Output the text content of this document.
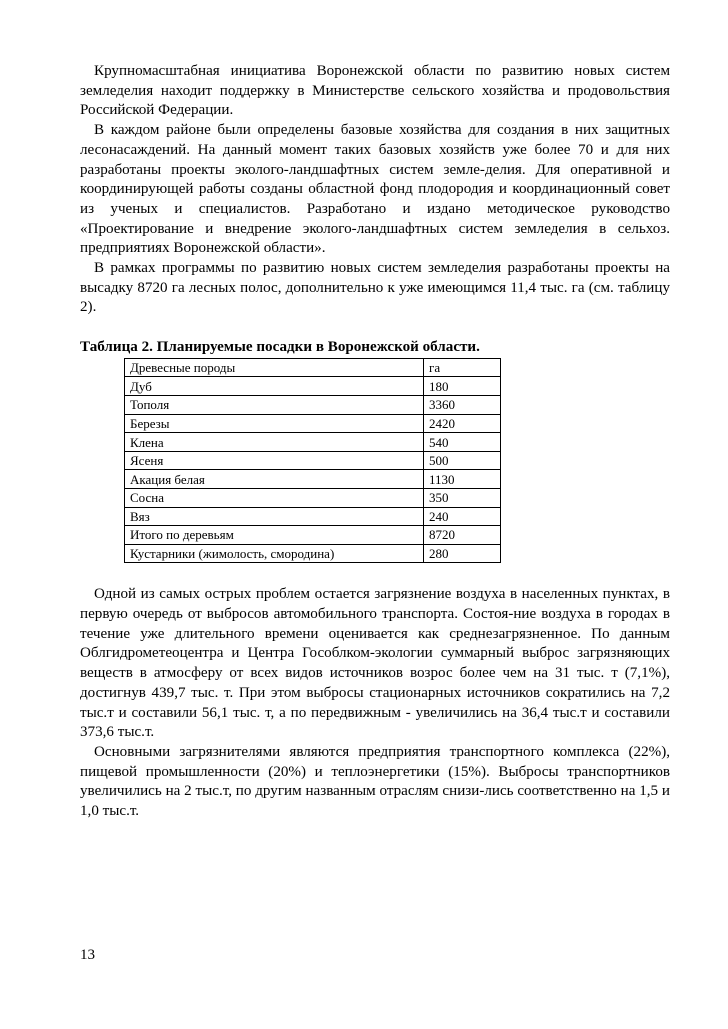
Крупномасштабная инициатива Воронежской области по развитию новых систем земледелия находит поддержку в Министерстве сельского хозяйства и продовольствия Российской Федерации.

В каждом районе были определены базовые хозяйства для создания в них защитных лесонасаждений. На данный момент таких базовых хозяйств уже более 70 и для них разработаны проекты эколого-ландшафтных систем земле-делия. Для оперативной и координирующей работы созданы областной фонд плодородия и координационный совет из ученых и специалистов. Разработано и издано методическое руководство «Проектирование и внедрение эколого-ландшафтных систем земледелия в сельхоз. предприятиях Воронежской области».

В рамках программы по развитию новых систем земледелия разработаны проекты на высадку 8720 га лесных полос, дополнительно к уже имеющимся 11,4 тыс. га (см. таблицу 2).

Таблица 2. Планируемые посадки в Воронежской области.

Древесные породы	га
Дуб	180
Тополя	3360
Березы	2420
Клена	540
Ясеня	500
Акация белая	1130
Сосна	350
Вяз	240
Итого по деревьям	8720
Кустарники (жимолость, смородина)	280

Одной из самых острых проблем остается загрязнение воздуха в населенных пунктах, в первую очередь от выбросов автомобильного транспорта. Состоя-ние воздуха в городах в течение уже длительного времени оценивается как среднезагрязненное. По данным Облгидрометеоцентра и Центра Гособлком-экологии суммарный выброс загрязняющих веществ в атмосферу от всех видов источников возрос более чем на 31 тыс. т (7,1%), достигнув 439,7 тыс. т. При этом выбросы стационарных источников сократились на 7,2 тыс.т и составили 56,1 тыс. т, а по передвижным - увеличились на 36,4 тыс.т и составили 373,6 тыс.т.

Основными загрязнителями являются предприятия транспортного комплекса (22%), пищевой промышленности (20%) и теплоэнергетики (15%). Выбросы транспортников увеличились на 2 тыс.т, по другим названным отраслям снизи-лись соответственно на 1,5 и 1,0 тыс.т.

13
